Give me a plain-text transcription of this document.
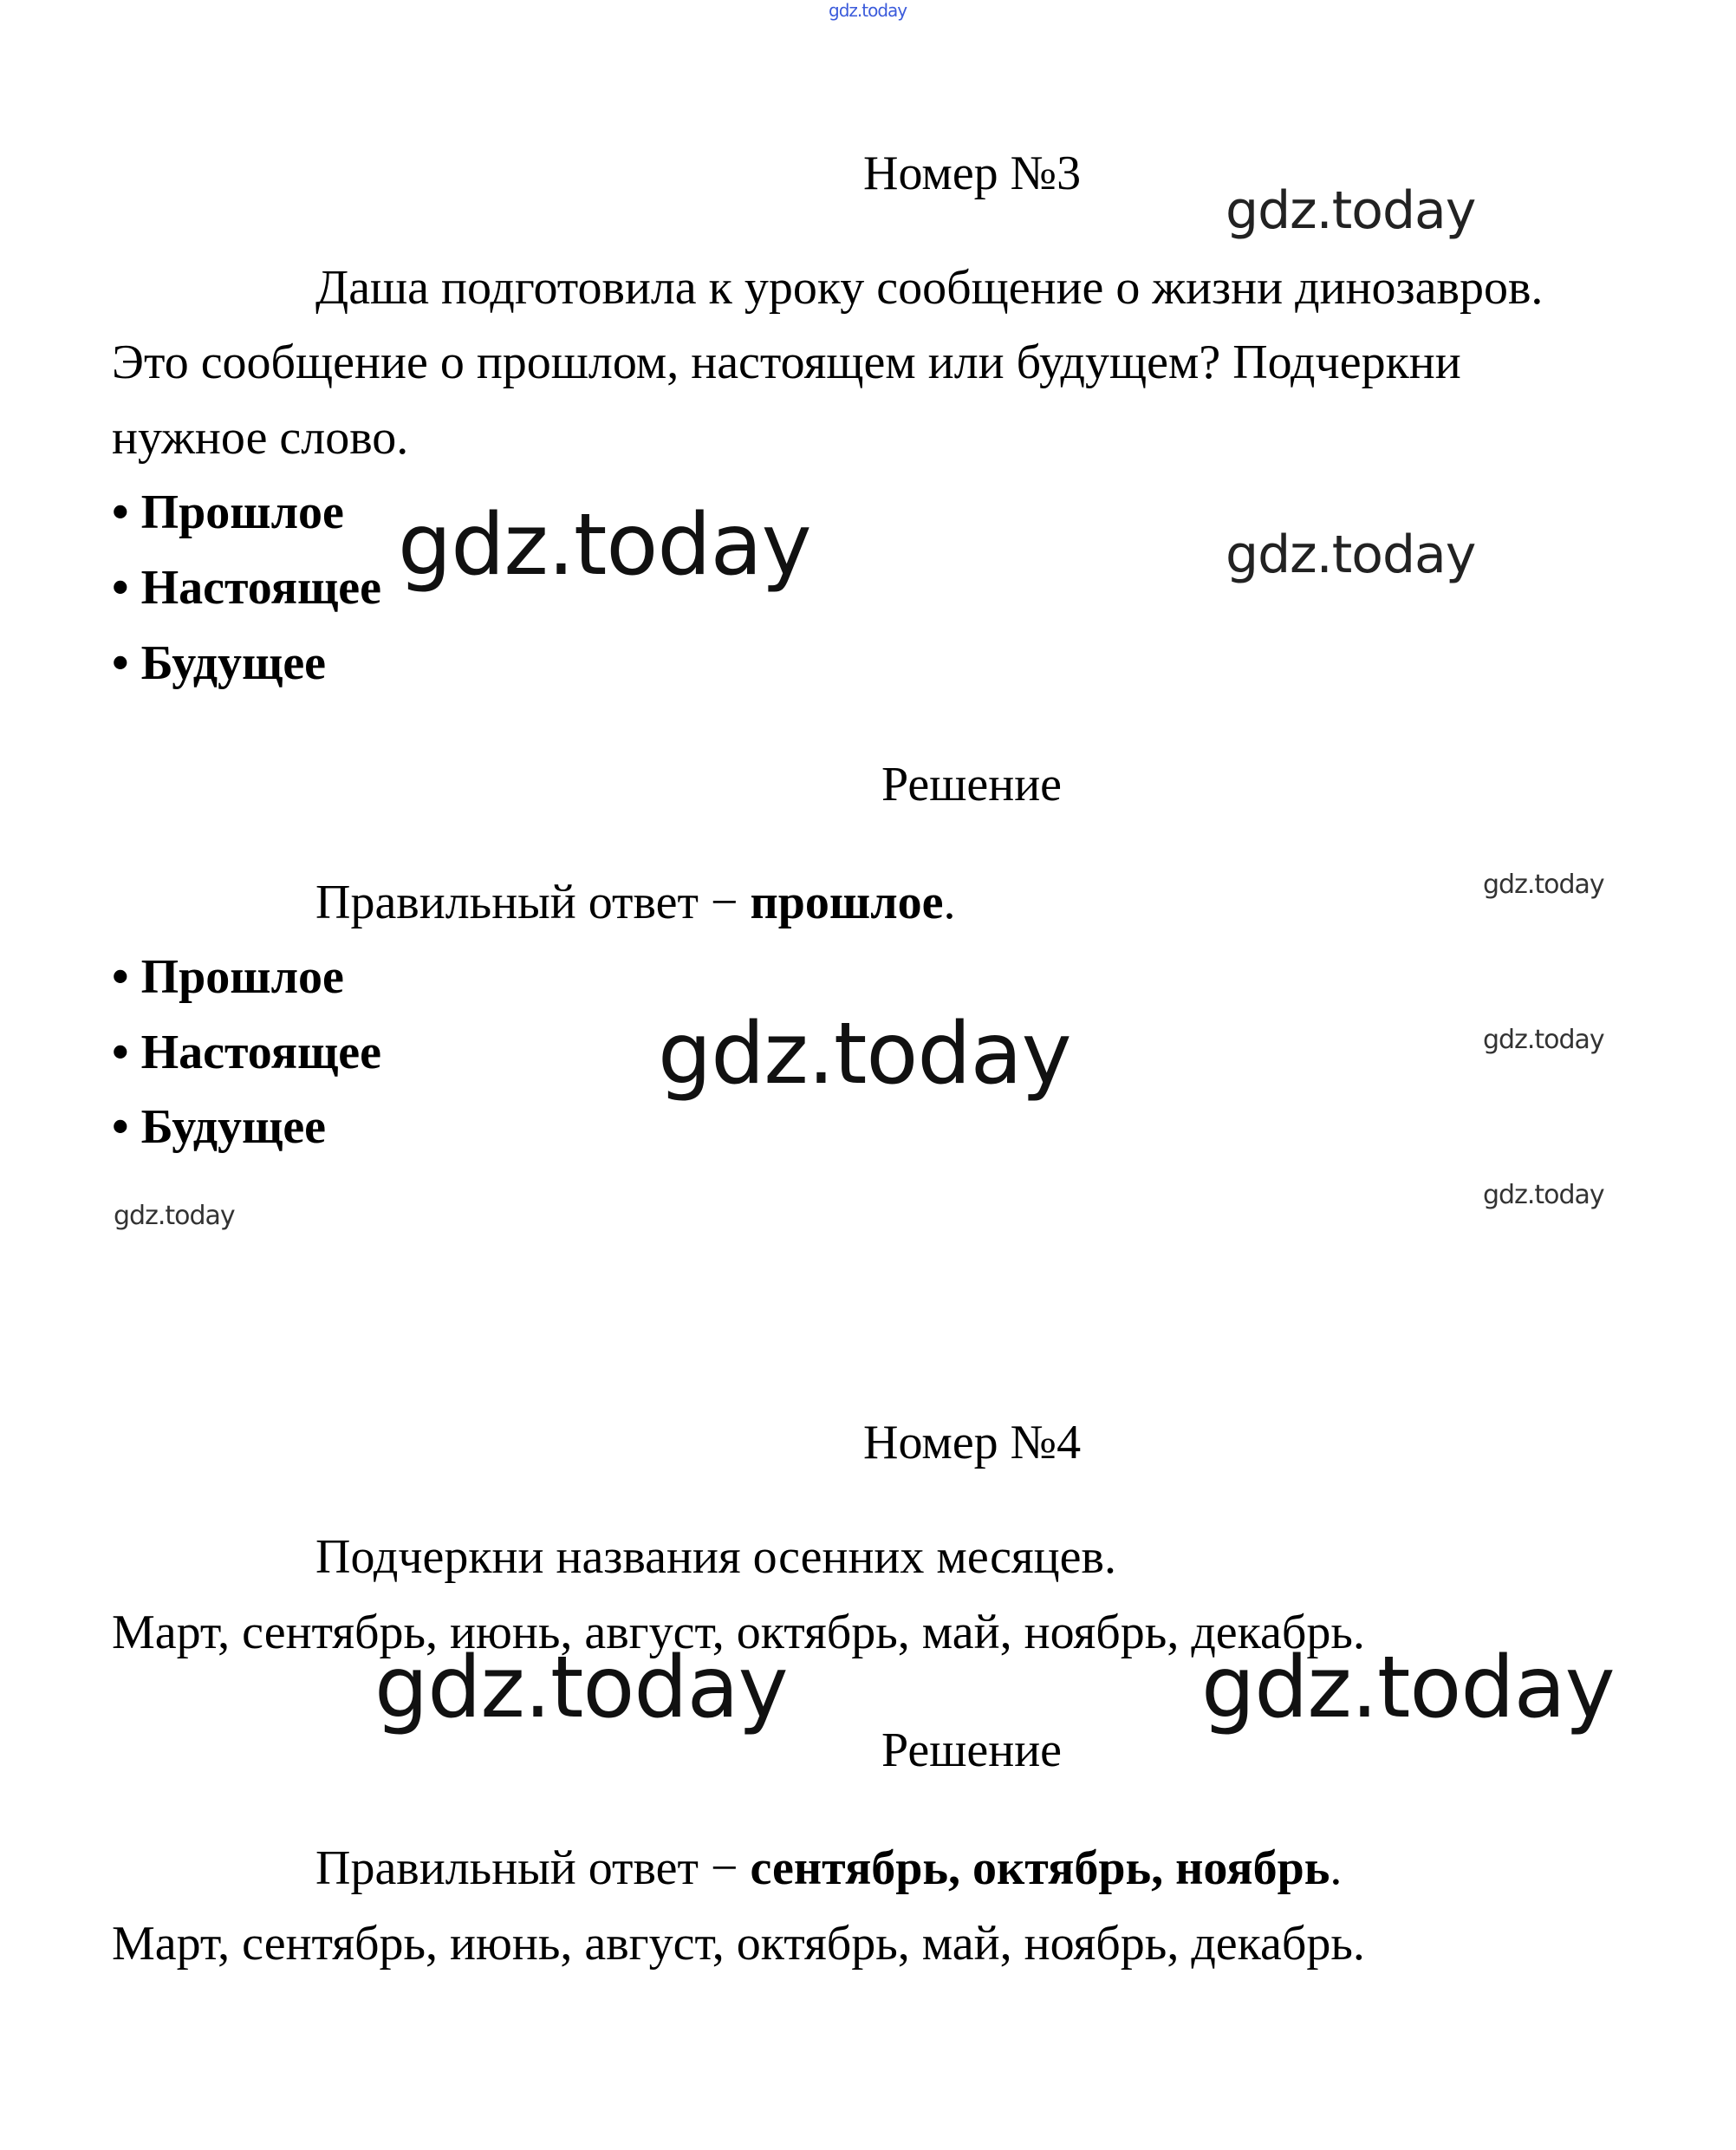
gdz.today
Номер №3
Даша подготовила к уроку сообщение о жизни динозавров.
Это сообщение о прошлом, настоящем или будущем? Подчеркни
нужное слово.
• Прошлое
• Настоящее
• Будущее
Решение
Правильный ответ − прошлое.
• Прошлое
• Настоящее
• Будущее
Номер №4
Подчеркни названия осенних месяцев.
Март, сентябрь, июнь, август, октябрь, май, ноябрь, декабрь.
Решение
Правильный ответ − сентябрь, октябрь, ноябрь.
Март, сентябрь, июнь, август, октябрь, май, ноябрь, декабрь.
gdz.today
gdz.today	gdz.today
gdz.today
gdz.today	gdz.today
gdz.today
gdz.today
gdz.today	gdz.today
